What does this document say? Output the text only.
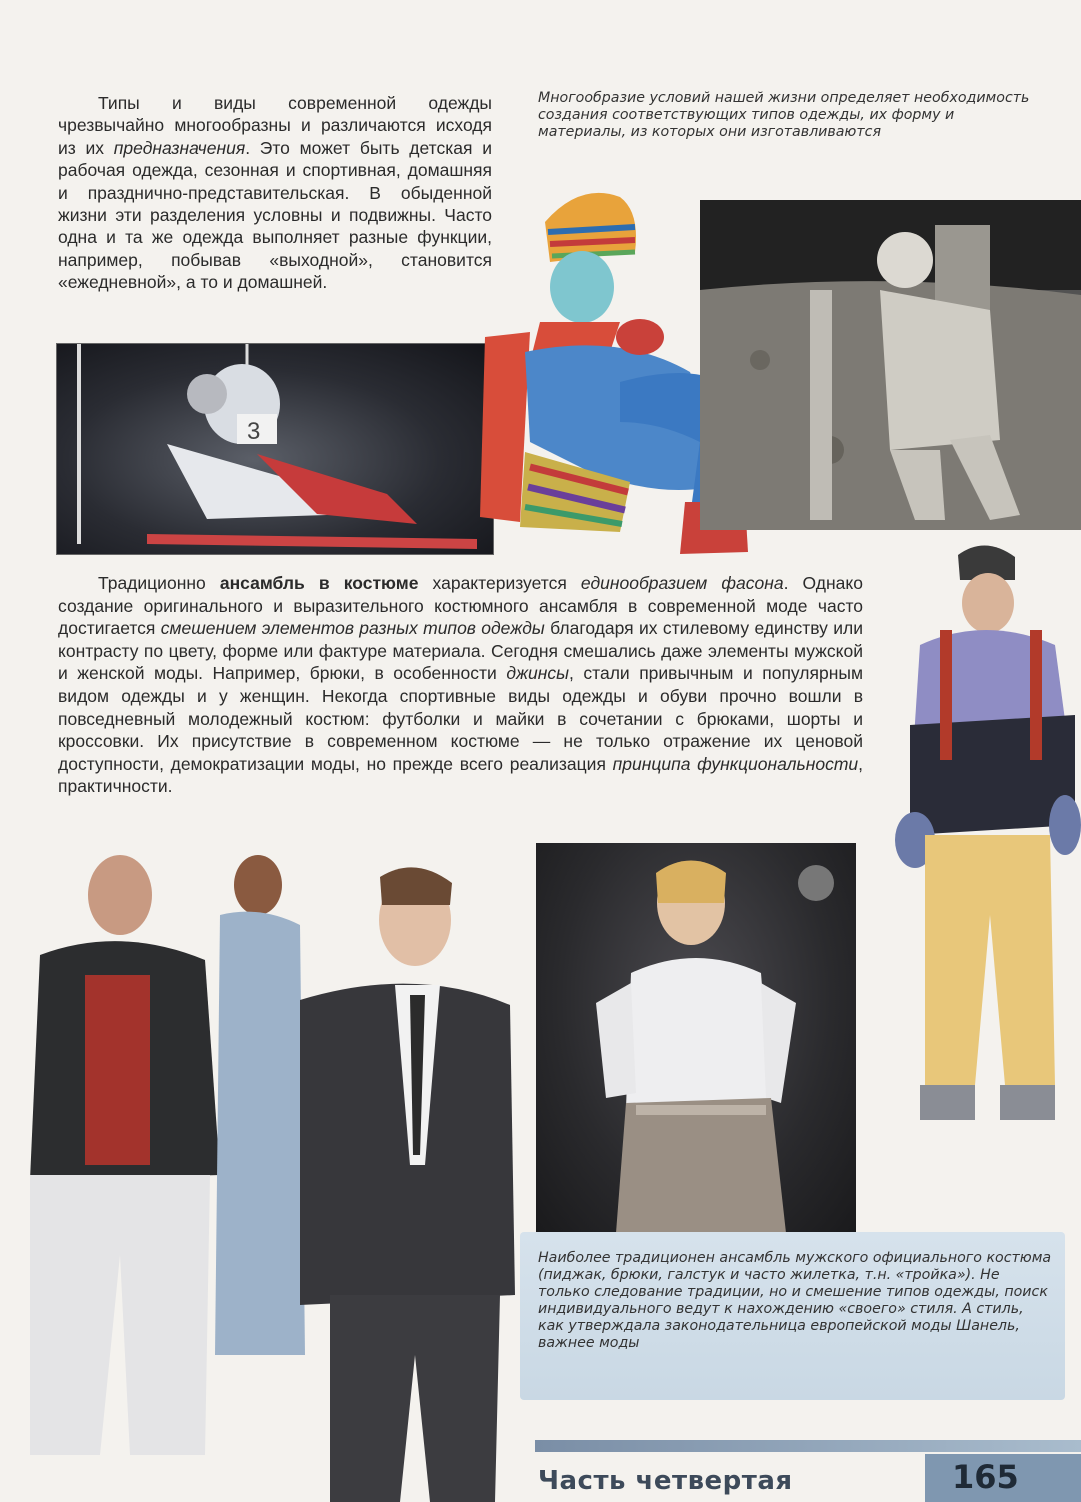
Типы и виды современной одежды чрезвычайно многообразны и различаются исходя из их предназначения. Это может быть детская и рабочая одежда, сезонная и спортивная, домашняя и празднично-представительская. В обыденной жизни эти разделения условны и подвижны. Часто одна и та же одежда выполняет разные функции, например, побывав «выходной», становится «ежедневной», а то и домашней.

Многообразие условий нашей жизни определяет необходимость создания соответствующих типов одежды, их форму и материалы, из которых они изготавливаются

3

Традиционно ансамбль в костюме характеризуется единообразием фасона. Однако создание оригинального и выразительного костюмного ансамбля в современной моде часто достигается смешением элементов разных типов одежды благодаря их стилевому единству или контрасту по цвету, форме или фактуре материала. Сегодня смешались даже элементы мужской и женской моды. Например, брюки, в особенности джинсы, стали привычным и популярным видом одежды и у женщин. Некогда спортивные виды одежды и обуви прочно вошли в повседневный молодежный костюм: футболки и майки в сочетании с брюками, шорты и кроссовки. Их присутствие в современном костюме — не только отражение их ценовой доступности, демократизации моды, но прежде всего реализация принципа функциональности, практичности.

Наиболее традиционен ансамбль мужского официального костюма (пиджак, брюки, галстук и часто жилетка, т.н. «тройка»). Не только следование традиции, но и смешение типов одежды, поиск индивидуального ведут к нахождению «своего» стиля. А стиль, как утверждала законодательница европейской моды Шанель, важнее моды

Часть четвертая	165
